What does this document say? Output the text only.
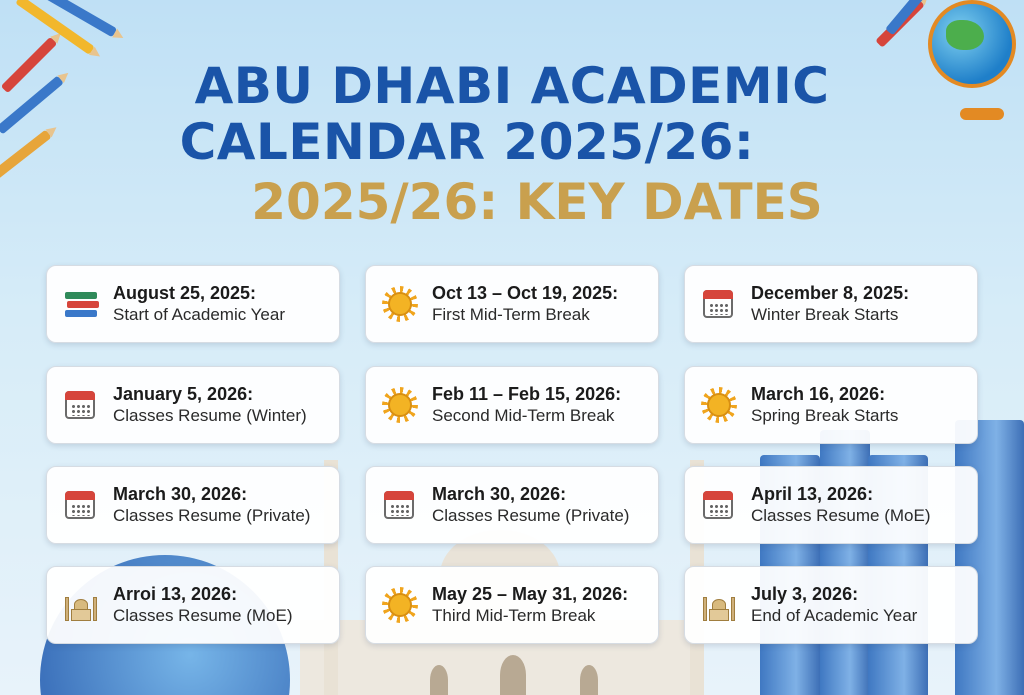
ABU DHABI ACADEMIC
CALENDAR 2025/26:
2025/26: KEY DATES
August 25, 2025:
Start of Academic Year
Oct 13 – Oct 19, 2025:
First Mid-Term Break
December 8, 2025:
Winter Break Starts
January 5, 2026:
Classes Resume (Winter)
Feb 11 – Feb 15, 2026:
Second Mid-Term Break
March 16, 2026:
Spring Break Starts
March 30, 2026:
Classes Resume (Private)
March 30, 2026:
Classes Resume (Private)
April 13, 2026:
Classes Resume (MoE)
Arroi 13, 2026:
Classes Resume (MoE)
May 25 – May 31, 2026:
Third Mid-Term Break
July 3, 2026:
End of Academic Year
